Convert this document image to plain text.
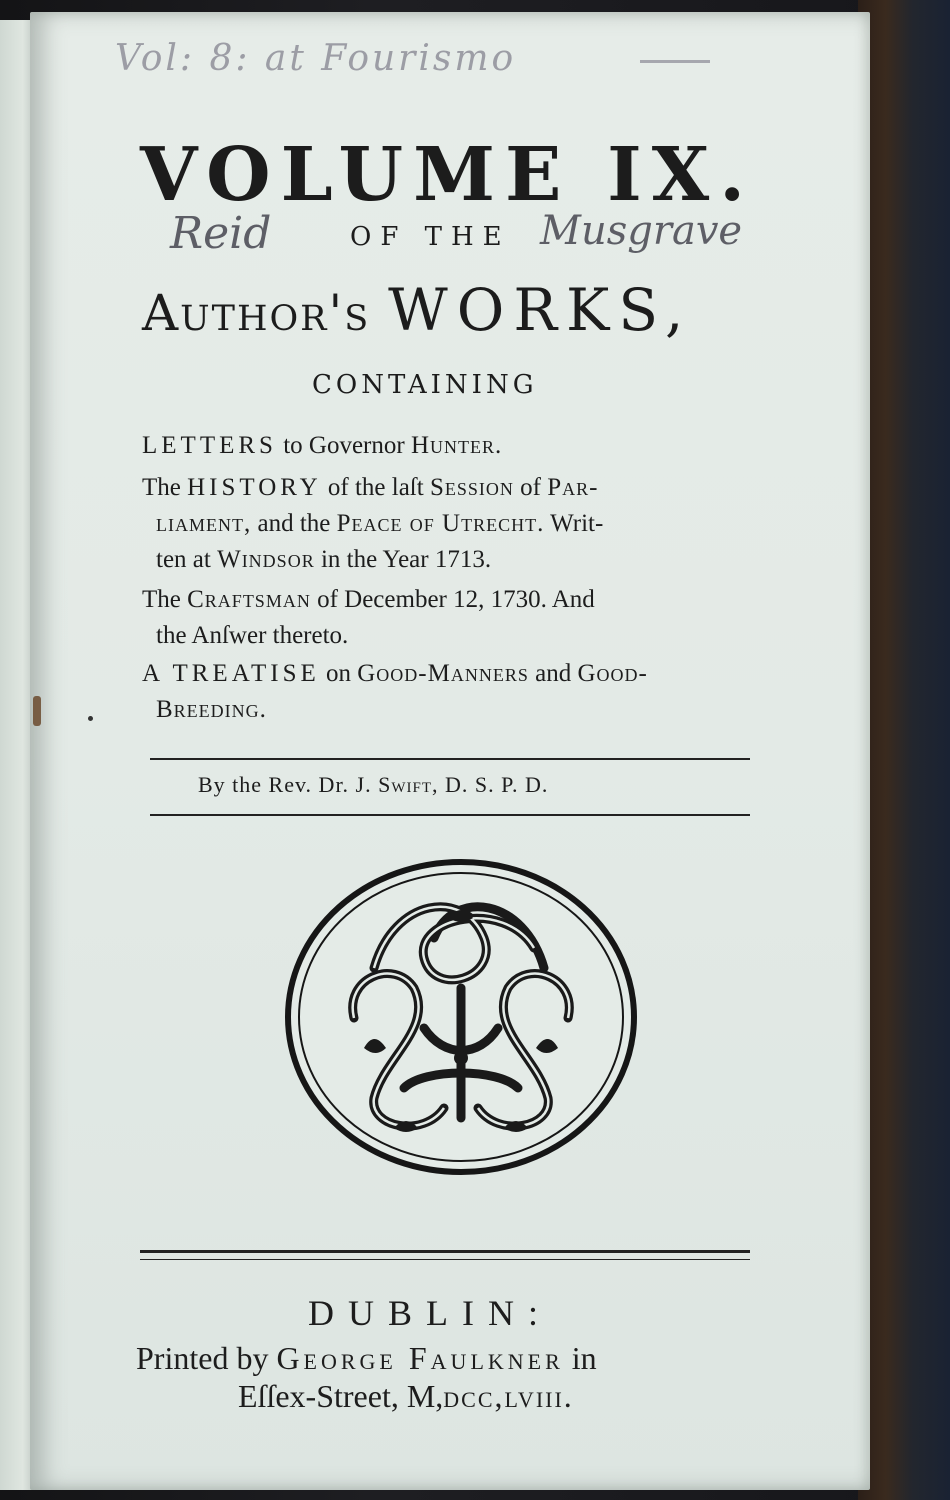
Vol: 8: at Fourismo
Reid	Musgrave
VOLUME IX.
OF THE
Author's WORKS,
CONTAINING
LETTERS to Governor Hunter.
The HISTORY of the laſt Session of Par-
liament, and the Peace of Utrecht. Writ-
ten at Windsor in the Year 1713.
The Craftsman of December 12, 1730. And
the Anſwer thereto.
A TREATISE on Good-Manners and Good-
Breeding.
By the Rev. Dr. J. Swift, D. S. P. D.
DUBLIN:
Printed by George Faulkner in
Eſſex-Street, M,dcc,lviii.
